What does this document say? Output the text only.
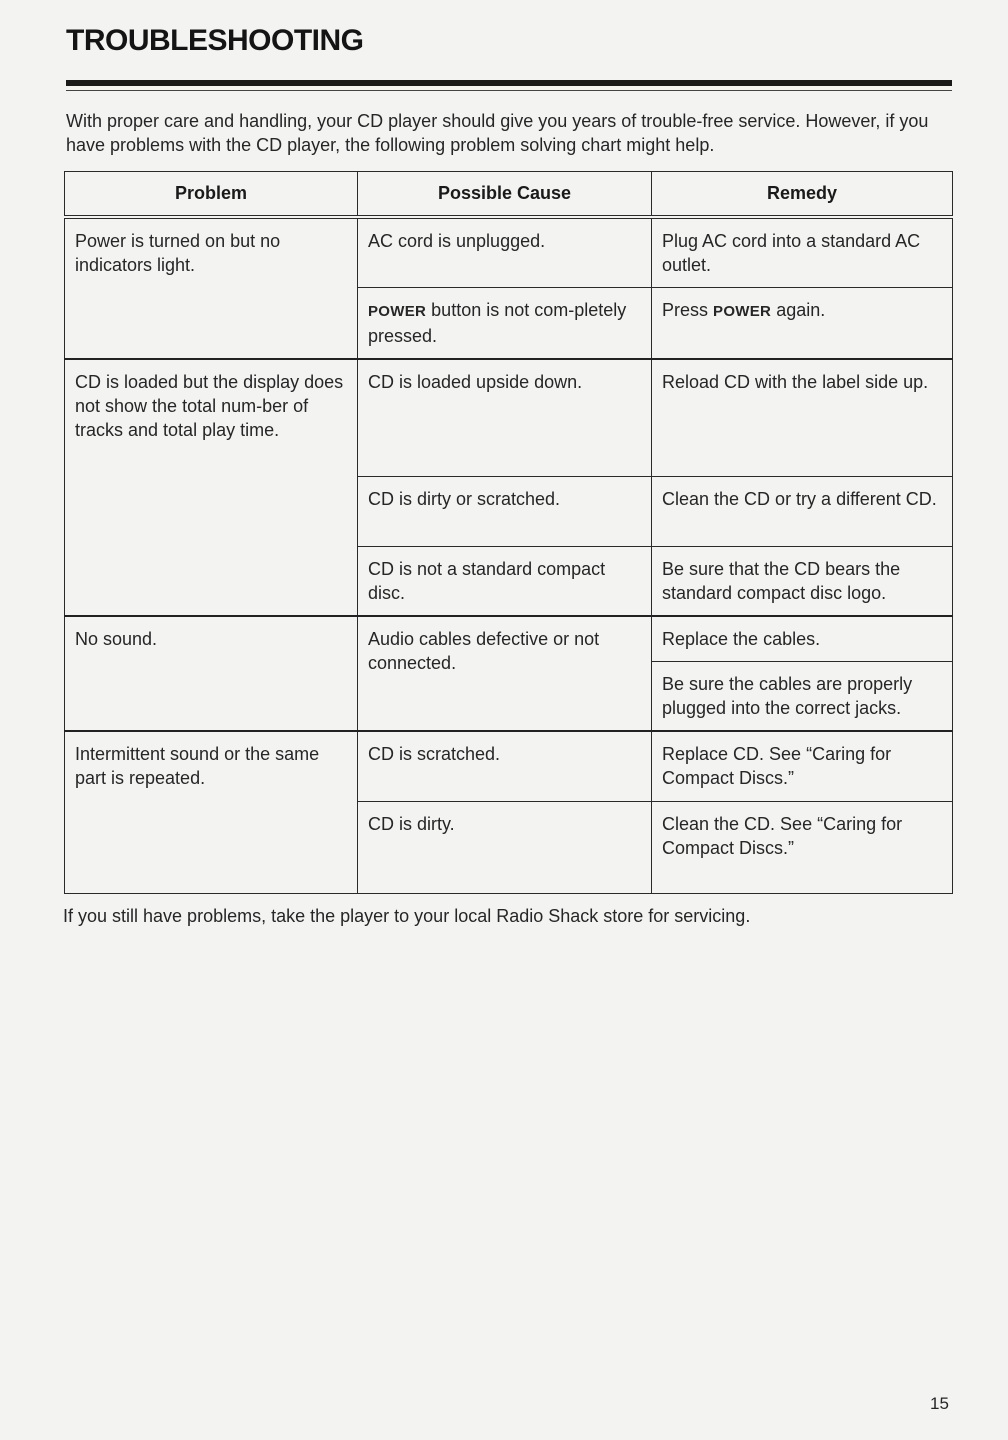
TROUBLESHOOTING

With proper care and handling, your CD player should give you years of trouble-free service. However, if you have problems with the CD player, the following problem solving chart might help.

Problem	Possible Cause	Remedy
Power is turned on but no indicators light.	AC cord is unplugged.	Plug AC cord into a standard AC outlet.
	POWER button is not com-pletely pressed.	Press POWER again.
CD is loaded but the display does not show the total num-ber of tracks and total play time.	CD is loaded upside down.	Reload CD with the label side up.
	CD is dirty or scratched.	Clean the CD or try a different CD.
	CD is not a standard compact disc.	Be sure that the CD bears the standard compact disc logo.
No sound.	Audio cables defective or not connected.	Replace the cables.
		Be sure the cables are properly plugged into the correct jacks.
Intermittent sound or the same part is repeated.	CD is scratched.	Replace CD. See “Caring for Compact Discs.”
	CD is dirty.	Clean the CD. See “Caring for Compact Discs.”

If you still have problems, take the player to your local Radio Shack store for servicing.

15
